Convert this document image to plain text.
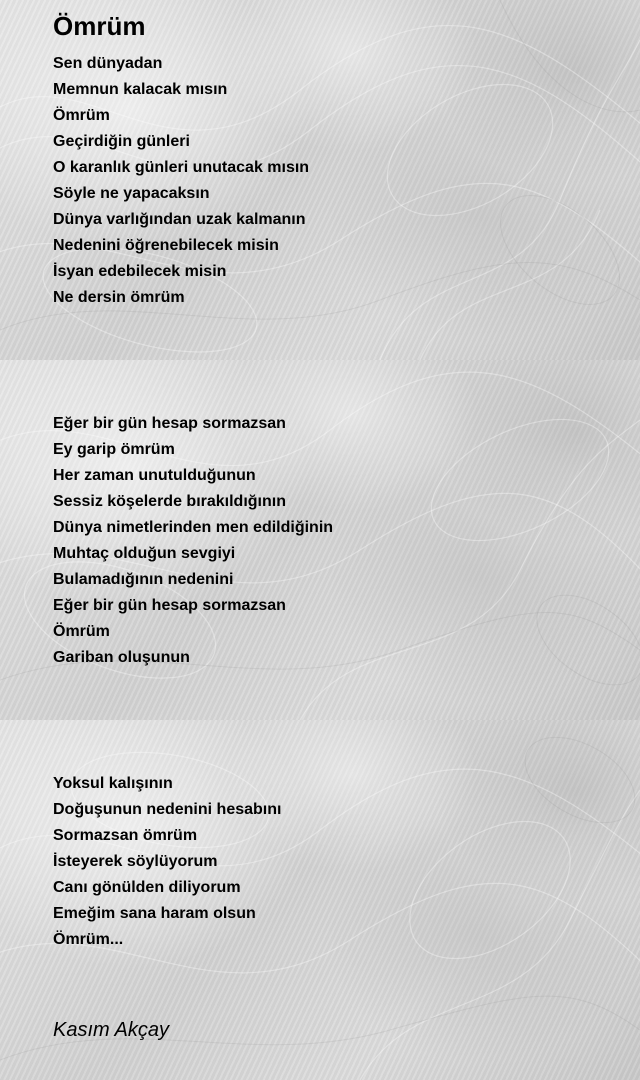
Ömrüm
Sen dünyadan
Memnun kalacak mısın
Ömrüm
Geçirdiğin günleri
O karanlık günleri unutacak mısın
Söyle ne yapacaksın
Dünya varlığından uzak kalmanın
Nedenini öğrenebilecek misin
İsyan edebilecek misin
Ne dersin ömrüm
Eğer bir gün hesap sormazsan
Ey garip ömrüm
Her zaman unutulduğunun
Sessiz köşelerde bırakıldığının
Dünya nimetlerinden men edildiğinin
Muhtaç olduğun sevgiyi
Bulamadığının nedenini
Eğer bir gün hesap sormazsan
Ömrüm
Gariban oluşunun
Yoksul kalışının
Doğuşunun nedenini hesabını
Sormazsan ömrüm
İsteyerek söylüyorum
Canı gönülden diliyorum
Emeğim sana haram olsun
Ömrüm...
Kasım Akçay
